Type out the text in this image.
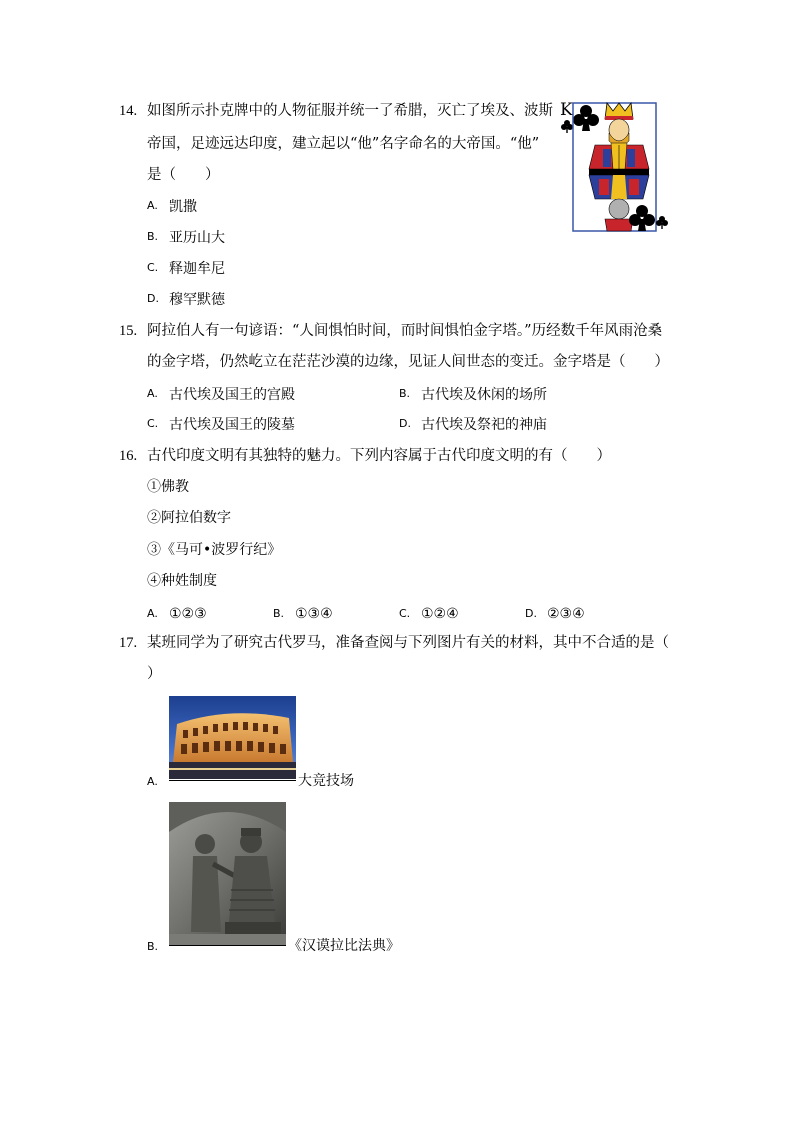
14. 如图所示扑克牌中的人物征服并统一了希腊，灭亡了埃及、波斯
帝国，足迹远达印度，建立起以“他”名字命名的大帝国。“他”
是（　　）
A. 凯撒
B. 亚历山大
C. 释迦牟尼
D. 穆罕默德
K
15. 阿拉伯人有一句谚语：“人间惧怕时间，而时间惧怕金字塔。”历经数千年风雨沧桑
的金字塔，仍然屹立在茫茫沙漠的边缘，见证人间世态的变迁。金字塔是（　　）
A. 古代埃及国王的宫殿	B. 古代埃及休闲的场所
C. 古代埃及国王的陵墓	D. 古代埃及祭祀的神庙
16. 古代印度文明有其独特的魅力。下列内容属于古代印度文明的有（　　）
①佛教
②阿拉伯数字
③《马可•波罗行纪》
④种姓制度
A. ①②③	B. ①③④	C. ①②④	D. ②③④
17. 某班同学为了研究古代罗马，准备查阅与下列图片有关的材料，其中不合适的是（
）
A.	大竞技场
B.	《汉谟拉比法典》
